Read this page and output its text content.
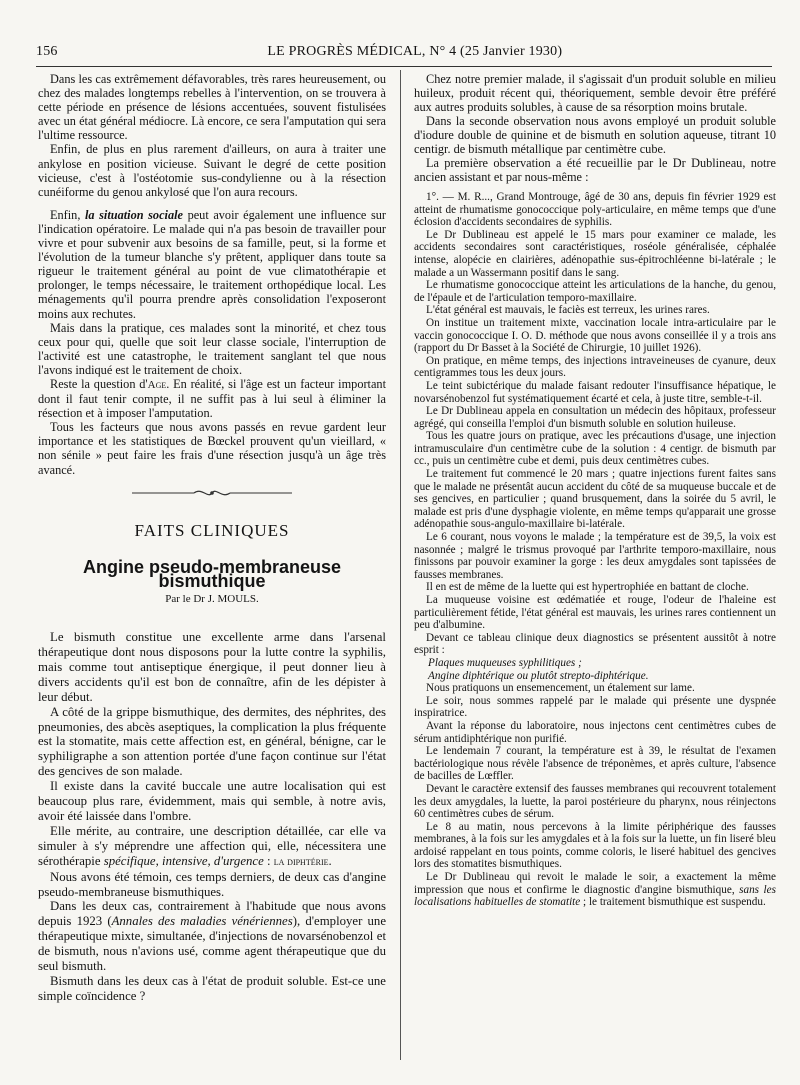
156	LE PROGRÈS MÉDICAL, N° 4 (25 Janvier 1930)

Dans les cas extrêmement défavorables, très rares heureusement, ou chez des malades longtemps rebelles à l'intervention, on se trouvera à cette période en présence de lésions accentuées, souvent fistulisées avec un état général médiocre. Là encore, ce sera l'amputation qui sera l'ultime ressource.

Enfin, de plus en plus rarement d'ailleurs, on aura à traiter une ankylose en position vicieuse. Suivant le degré de cette position vicieuse, c'est à l'ostéotomie sus-condylienne ou à la résection cunéiforme du genou ankylosé que l'on aura recours.

Enfin, la situation sociale peut avoir également une influence sur l'indication opératoire. Le malade qui n'a pas besoin de travailler pour vivre et pour subvenir aux besoins de sa famille, peut, si la forme et l'évolution de la tumeur blanche s'y prêtent, appliquer dans toute sa rigueur le traitement général au point de vue climatothérapie et prolonger, le temps nécessaire, le traitement orthopédique local. Les ménagements qu'il pourra prendre après consolidation l'exposeront moins aux rechutes.

Mais dans la pratique, ces malades sont la minorité, et chez tous ceux pour qui, quelle que soit leur classe sociale, l'interruption de l'activité est une catastrophe, le traitement sanglant tel que nous l'avons indiqué est le traitement de choix.

Reste la question d'Age. En réalité, si l'âge est un facteur important dont il faut tenir compte, il ne suffit pas à lui seul à éliminer la résection et à imposer l'amputation.

Tous les facteurs que nous avons passés en revue gardent leur importance et les statistiques de Bœckel prouvent qu'un vieillard, « non sénile » peut faire les frais d'une résection jusqu'à un âge très avancé.

FAITS CLINIQUES
Angine pseudo-membraneuse bismuthique
Par le Dr J. MOULS.

Le bismuth constitue une excellente arme dans l'arsenal thérapeutique dont nous disposons pour la lutte contre la syphilis, mais comme tout antiseptique énergique, il peut donner lieu à divers accidents qu'il est bon de connaître, afin de les dépister à leur début.

A côté de la grippe bismuthique, des dermites, des néphrites, des pneumonies, des abcès aseptiques, la complication la plus fréquente est la stomatite, mais cette affection est, en général, bénigne, car le syphiligraphe a son attention portée d'une façon continue sur l'état des gencives de son malade.

Il existe dans la cavité buccale une autre localisation qui est beaucoup plus rare, évidemment, mais qui semble, à notre avis, avoir été laissée dans l'ombre.

Elle mérite, au contraire, une description détaillée, car elle va simuler à s'y méprendre une affection qui, elle, nécessitera une sérothérapie spécifique, intensive, d'urgence : la diphtérie.

Nous avons été témoin, ces temps derniers, de deux cas d'angine pseudo-membraneuse bismuthiques.

Dans les deux cas, contrairement à l'habitude que nous avons depuis 1923 (Annales des maladies vénériennes), d'employer une thérapeutique mixte, simultanée, d'injections de novarsénobenzol et de bismuth, nous n'avions usé, comme agent thérapeutique que du seul bismuth.

Bismuth dans les deux cas à l'état de produit soluble. Est-ce une simple coïncidence ?

Chez notre premier malade, il s'agissait d'un produit soluble en milieu huileux, produit récent qui, théoriquement, semble devoir être préféré aux autres produits solubles, à cause de sa résorption moins brutale.

Dans la seconde observation nous avons employé un produit soluble d'iodure double de quinine et de bismuth en solution aqueuse, titrant 10 centigr. de bismuth métallique par centimètre cube.

La première observation a été recueillie par le Dr Dublineau, notre ancien assistant et par nous-même :

1°. — M. R..., Grand Montrouge, âgé de 30 ans, depuis fin février 1929 est atteint de rhumatisme gonococcique poly-articulaire, en même temps que d'une éclosion d'accidents secondaires de syphilis.

Le Dr Dublineau est appelé le 15 mars pour examiner ce malade, les accidents secondaires sont caractéristiques, roséole généralisée, céphalée intense, alopécie en clairières, adénopathie sus-épitrochléenne bi-latérale ; le malade a un Wassermann positif dans le sang.

Le rhumatisme gonococcique atteint les articulations de la hanche, du genou, de l'épaule et de l'articulation temporo-maxillaire.

L'état général est mauvais, le faciès est terreux, les urines rares.

On institue un traitement mixte, vaccination locale intra-articulaire par le vaccin gonococcique I. O. D. méthode que nous avons conseillée il y a trois ans (rapport du Dr Basset à la Société de Chirurgie, 10 juillet 1926).

On pratique, en même temps, des injections intraveineuses de cyanure, deux centigrammes tous les deux jours.

Le teint subictérique du malade faisant redouter l'insuffisance hépatique, le novarsénobenzol fut systématiquement écarté et cela, à juste titre, semble-t-il.

Le Dr Dublineau appela en consultation un médecin des hôpitaux, professeur agrégé, qui conseilla l'emploi d'un bismuth soluble en solution huileuse.

Tous les quatre jours on pratique, avec les précautions d'usage, une injection intramusculaire d'un centimètre cube de la solution : 4 centigr. de bismuth par cc., puis un centimètre cube et demi, puis deux centimètres cubes.

Le traitement fut commencé le 20 mars ; quatre injections furent faites sans que le malade ne présentât aucun accident du côté de sa muqueuse buccale et de ses gencives, en particulier ; quand brusquement, dans la soirée du 5 avril, le malade est pris d'une dysphagie violente, en même temps qu'apparait une grosse adénopathie sous-angulo-maxillaire bi-latérale.

Le 6 courant, nous voyons le malade ; la température est de 39,5, la voix est nasonnée ; malgré le trismus provoqué par l'arthrite temporo-maxillaire, nous finissons par pouvoir examiner la gorge : les deux amygdales sont tapissées de fausses membranes.

Il en est de même de la luette qui est hypertrophiée en battant de cloche.

La muqueuse voisine est œdématiée et rouge, l'odeur de l'haleine est particulièrement fétide, l'état général est mauvais, les urines rares contiennent un peu d'albumine.

Devant ce tableau clinique deux diagnostics se présentent aussitôt à notre esprit :

Plaques muqueuses syphilitiques ;

Angine diphtérique ou plutôt strepto-diphtérique.

Nous pratiquons un ensemencement, un étalement sur lame.

Le soir, nous sommes rappelé par le malade qui présente une dyspnée inspiratrice.

Avant la réponse du laboratoire, nous injectons cent centimètres cubes de sérum antidiphtérique non purifié.

Le lendemain 7 courant, la température est à 39, le résultat de l'examen bactériologique nous révèle l'absence de tréponèmes, et après culture, l'absence de bacilles de Lœffler.

Devant le caractère extensif des fausses membranes qui recouvrent totalement les deux amygdales, la luette, la paroi postérieure du pharynx, nous réinjectons 60 centimètres cubes de sérum.

Le 8 au matin, nous percevons à la limite périphérique des fausses membranes, à la fois sur les amygdales et à la fois sur la luette, un fin liseré bleu ardoisé rappelant en tous points, comme coloris, le liseré habituel des gencives lors des stomatites bismuthiques.

Le Dr Dublineau qui revoit le malade le soir, a exactement la même impression que nous et confirme le diagnostic d'angine bismuthique, sans les localisations habituelles de stomatite ; le traitement bismuthique est suspendu.
